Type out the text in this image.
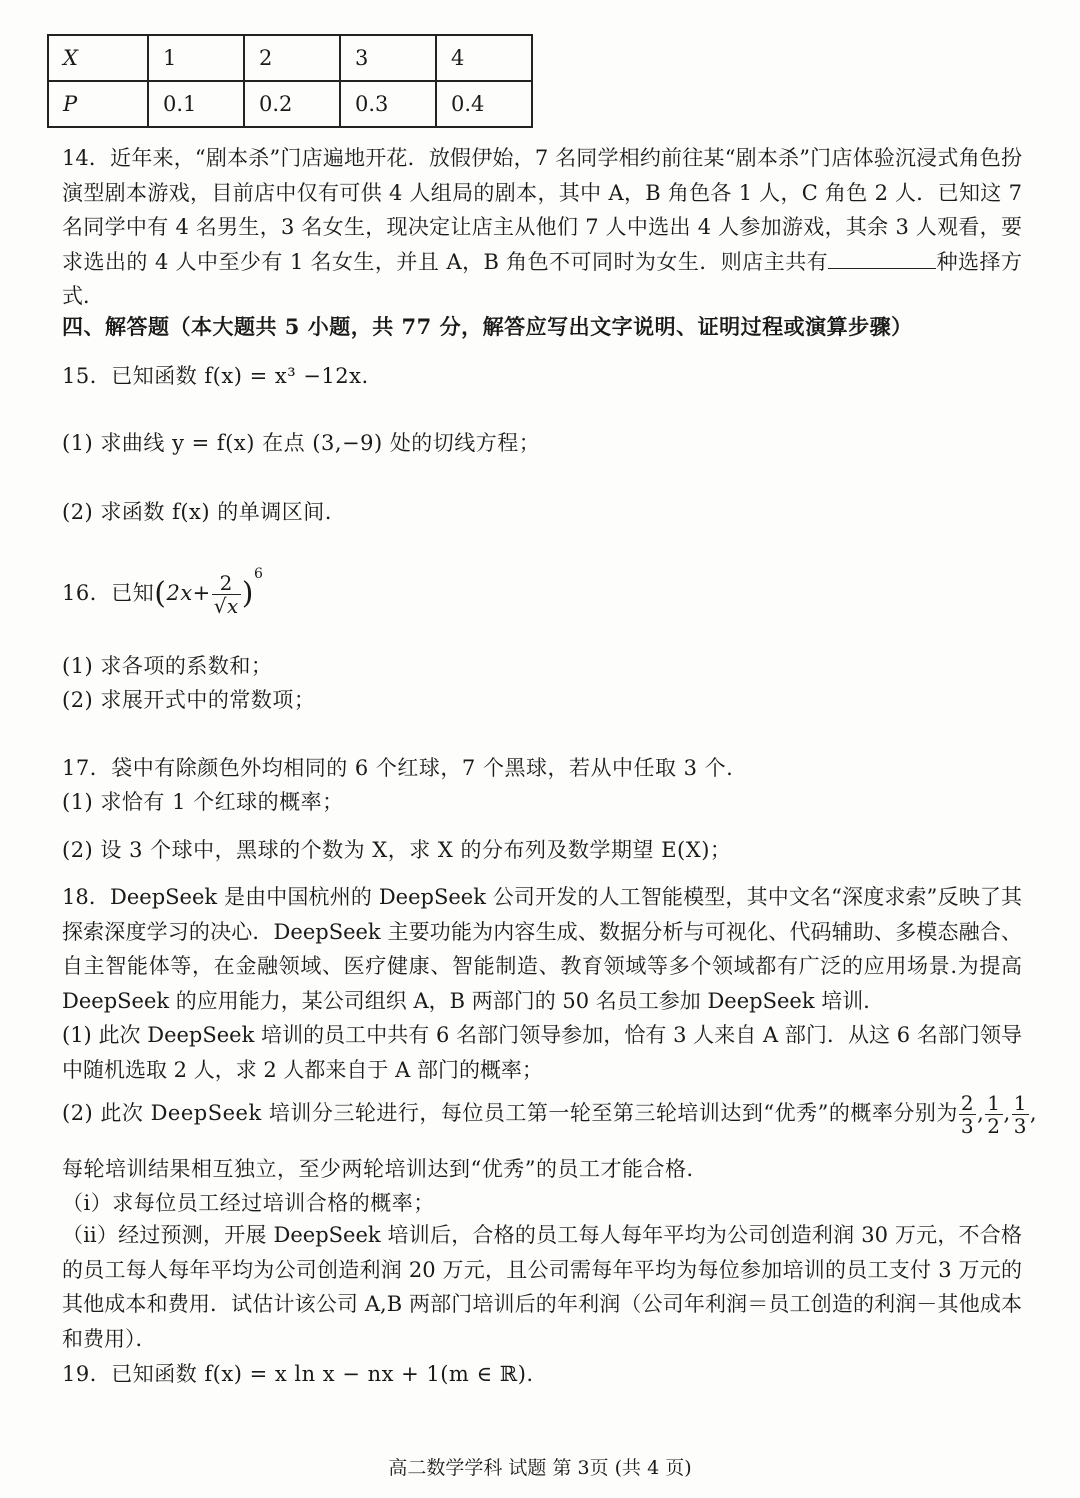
X	1	2	3	4
P	0.1	0.2	0.3	0.4
14．近年来，“剧本杀”门店遍地开花．放假伊始，7 名同学相约前往某“剧本杀”门店体验沉浸式角色扮演型剧本游戏，目前店中仅有可供 4 人组局的剧本，其中 A，B 角色各 1 人，C 角色 2 人．已知这 7 名同学中有 4 名男生，3 名女生，现决定让店主从他们 7 人中选出 4 人参加游戏，其余 3 人观看，要求选出的 4 人中至少有 1 名女生，并且 A，B 角色不可同时为女生．则店主共有	种选择方式．
四、解答题（本大题共 5 小题，共 77 分，解答应写出文字说明、证明过程或演算步骤）
15．已知函数 f(x) = x³ −12x.
(1) 求曲线 y = f(x) 在点 (3,−9) 处的切线方程；
(2) 求函数 f(x) 的单调区间.
16．已知$(2x+ \frac{2}{√x} )^6$
(1) 求各项的系数和；
(2) 求展开式中的常数项；
17．袋中有除颜色外均相同的 6 个红球，7 个黑球，若从中任取 3 个.
(1) 求恰有 1 个红球的概率；
(2) 设 3 个球中，黑球的个数为 X，求 X 的分布列及数学期望 E(X)；
18．DeepSeek 是由中国杭州的 DeepSeek 公司开发的人工智能模型，其中文名“深度求索”反映了其探索深度学习的决心．DeepSeek 主要功能为内容生成、数据分析与可视化、代码辅助、多模态融合、自主智能体等，在金融领域、医疗健康、智能制造、教育领域等多个领域都有广泛的应用场景.为提高 DeepSeek 的应用能力，某公司组织 A，B 两部门的 50 名员工参加 DeepSeek 培训．
(1) 此次 DeepSeek 培训的员工中共有 6 名部门领导参加，恰有 3 人来自 A 部门．从这 6 名部门领导中随机选取 2 人，求 2 人都来自于 A 部门的概率；
(2) 此次 DeepSeek 培训分三轮进行，每位员工第一轮至第三轮培训达到“优秀”的概率分别为 $\frac{2}{3}$ , $\frac{1}{2}$ , $\frac{1}{3}$ ,
每轮培训结果相互独立，至少两轮培训达到“优秀”的员工才能合格．
（ⅰ）求每位员工经过培训合格的概率；
（ⅱ）经过预测，开展 DeepSeek 培训后，合格的员工每人每年平均为公司创造利润 30 万元，不合格的员工每人每年平均为公司创造利润 20 万元，且公司需每年平均为每位参加培训的员工支付 3 万元的其他成本和费用．试估计该公司 A,B 两部门培训后的年利润（公司年利润＝员工创造的利润－其他成本和费用）．
19．已知函数 f(x) = x ln x − nx + 1(m ∈ ℝ).
高二数学学科 试题 第 3页 (共 4 页)
